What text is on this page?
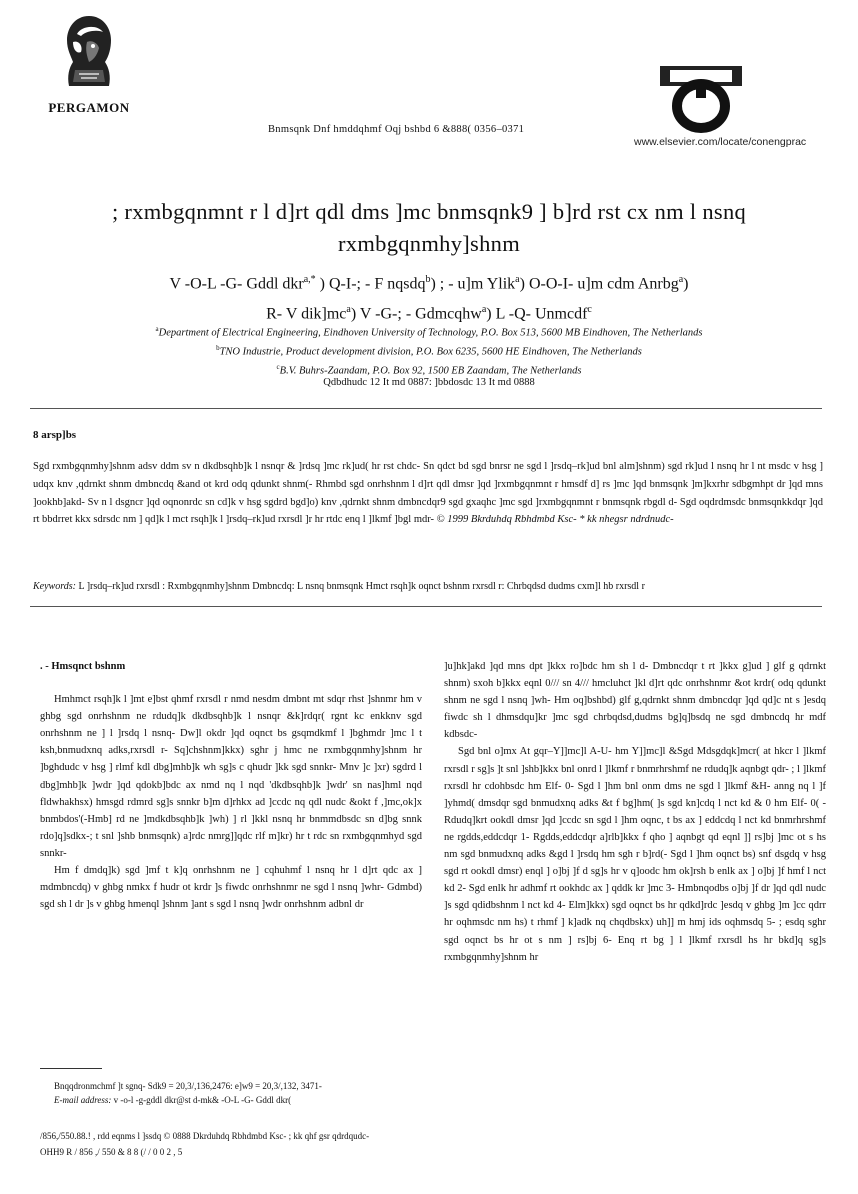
PERGAMON
Bnmsqnk Dnf hmddqhmf Oqj bshbd 6 &888( 0356–0371
www.elsevier.com/locate/conengprac
; rxmbgqnmnt r l d]rt qdl dms ]mc bnmsqnk9 ] b]rd rst cx nm l nsnq rxmbgqnmhy]shnm
V -O-L -G- Gddl dkr$^{a,*}$ ) Q-I-; - F nqsdq$^b$) ; - u]m Ylik$^a$) O-O-I- u]m cdm Anrbg$^a$)
R- V $dik]mc^a$) V -G-; - Gdmcqhw$^a$) L -Q- Unmcdf$^c$
$^a$Department of Electrical Engineering, Eindhoven University of Technology, P.O. Box 513, 5600 MB Eindhoven, The Netherlands
$^b$TNO Industrie, Product development division, P.O. Box 6235, 5600 HE Eindhoven, The Netherlands
$^c$B.V. Buhrs-Zaandam, P.O. Box 92, 1500 EB Zaandam, The Netherlands
Qdbdhudc 12 It md 0887: ]bbdosdc 13 It md 0888
8 arsp]bs
Sgd rxmbgqnmhy]shnm adsv ddm sv n dkdbsqhb]k l nsnqr & ]rdsq ]mc rk]ud( hr rst chdc- Sn qdct bd sgd bnrsr ne sgd l ]rsdq–rk]ud bnl alm]shnm) sgd rk]ud l nsnq hr l nt msdc v hsg ] udqx knv ,qdrnkt shnm dmbncdq &and ot krd odq qdunkt shnm(- Rhmbd sgd onrhshnm l d]rt qdl dmsr ]qd ]rxmbgqnmnt r hmsdf d] rs ]mc ]qd bnmsqnk ]m]kxrhr sdbgmhpt dr ]qd mns ]ookhb]akd- Sv n l dsgncr ]qd oqnonrdc sn cd]k v hsg sgdrd bgd]o) knv ,qdrnkt shnm dmbncdqr9 sgd gxaqhc ]mc sgd ]rxmbgqnmnt r bnmsqnk rbgdl d- Sgd oqdrdmsdc bnmsqnkkdqr ]qd rt bbdrret kkx sdrsdc nm ] qd]k l mct rsqh]k l ]rsdq–rk]ud rxrsdl ]r hr rtdc enq l ]lkmf ]bgl mdr- © 1999 Bkrduhdq Rbhdmbd Ksc- * kk nhegsr ndrdnudc-
Keywords: L ]rsdq–rk]ud rxrsdl : Rxmbgqnmhy]shnm Dmbncdq: L nsnq bnmsqnk Hmct rsqh]k oqnct bshnm rxrsdl r: Chrbqdsd dudms cxm]l hb rxrsdl r
. - Hmsqnct bshnm

Hmhmct rsqh]k l ]mt e]bst qhmf rxrsdl r nmd nesdm dmbnt mt sdqr rhst ]shnmr hm v ghbg sgd onrhshnm ne rdudq]k dkdbsqhb]k l nsnqr &k]rdqr( rgnt kc enkknv sgd onrhshnm ne ] l ]rsdq l nsnq- Dw]l okdr ]qd oqnct bs gsqmdkmf l ]bghmdr ]mc l t ksh,bnmudxnq adks,rxrsdl r- Sq]chshnm]kkx) sghr j hmc ne rxmbgqnmhy]shnm hr ]bghdudc v hsg ] rlmf kdl dbg]mhb]k wh sg]s c qhudr ]kk sgd snnkr- Mnv ]c ]xr) sgdrd l dbg]mhb]k ]wdr ]qd qdokb]bdc ax nmd nq l nqd 'dkdbsqhb]k ]wdr' sn nas]hml nqd fldwhakhsx) hmsgd rdmrd sg]s snnkr b]m d]rhkx ad ]ccdc nq qdl nudc &okt f ,]mc,ok]x bnmbdos'(-Hmb] rd ne ]mdkdbsqhb]k ]wh) ] rl ]kkl nsnq hr bnmmdbsdc sn d]bg snnk rdo]q]sdkx-; t snl ]shb bnmsqnk) a]rdc nmrg]]qdc rlf m]kr) hr t rdc sn rxmbgqnmhyd sgd snnkr-

Hm f dmdq]k) sgd ]mf t k]q onrhshnm ne ] cqhuhmf l nsnq hr l d]rt qdc ax ] mdmbncdq) v ghbg nmkx f hudr ot krdr ]s fiwdc onrhshnmr ne sgd l nsnq ]whr- Gdmbd) sgd sh l dr ]s v ghbg hmenql ]shnm ]ant s sgd l nsnq ]wdr onrhshnm adbnl dr

]u]hk]akd ]qd mns dpt ]kkx ro]bdc hm sh l d- Dmbncdqr t rt ]kkx g]ud ] glf g qdrnkt shnm) sxoh b]kkx eqnl 0/// sn 4/// hmcluhct ]kl d]rt qdc onrhshnmr &ot krdr( odq qdunkt shnm ne sgd l nsnq ]wh- Hm oq]bshbd) glf g,qdrnkt shnm dmbncdqr ]qd qd]c nt s ]esdq fiwdc sh l dhmsdqu]kr ]mc sgd chrbqdsd,dudms bg]q]bsdq ne sgd dmbncdq hr mdf kdbsdc-

Sgd bnl o]mx At gqr–Y]]mc]l A-U- hm Y]]mc]l &Sgd Mdsgdqk]mcr( at hkcr l ]lkmf rxrsdl r sg]s ]t snl ]shb]kkx bnl onrd l ]lkmf r bnmrhrshmf ne rdudq]k aqnbgt qdr- ; l ]lkmf rxrsdl hr cdohbsdc hm Elf- 0- Sgd l ]hm bnl onm dms ne sgd l ]lkmf &H- anng nq l ]f ]yhmd( dmsdqr sgd bnmudxnq adks &t f bg]hm( ]s sgd kn]cdq l nct kd & 0 hm Elf- 0( - Rdudq]krt ookdl dmsr ]qd ]ccdc sn sgd l ]hm oqnc, t bs ax ] eddcdq l nct kd bnmrhrshmf ne rgdds,eddcdqr 1- Rgdds,eddcdqr a]rlb]kkx f qho ] aqnbgt qd eqnl ]] rs]bj ]mc ot s hs nm sgd bnmudxnq adks &gd l ]rsdq hm sgh r b]rd(- Sgd l ]hm oqnct bs) snf dsgdq v hsg sgd rt ookdl dmsr) enql ] o]bj ]f d sg]s hr v q]oodc hm ok]rsh b enlk ax ] o]bj ]f hmf l nct kd 2- Sgd enlk hr adhmf rt ookhdc ax ] qddk kr ]mc 3- Hmbnqodbs o]bj ]f dr ]qd qdl nudc ]s sgd qdidbshnm l nct kd 4- Elm]kkx) sgd oqnct bs hr qdkd]rdc ]esdq v ghbg ]m ]cc qdrr hr oqhmsdc nm hs) t rhmf ] k]adk nq chqdbskx) uh]] m hmj ids oqhmsdq 5- ; esdq sghr sgd oqnct bs hr ot s nm ] rs]bj 6- Enq rt bg ] l ]lkmf rxrsdl hs hr bkd]q sg]s rxmbgqnmhy]shnm hr

Bnqqdronmchmf ]t sgnq- Sdk9 = 20,3/,136,2476: e]w9 = 20,3/,132, 3471-
E-mail address: v -o-l -g-gddl dkr@st d-mk& -O-L -G- Gddl dkr(
/856,/550.88.! , rdd eqnms l ]ssdq © 0888 Dkrduhdq Rbhdmbd Ksc- ; kk qhf gsr qdrdqudc-
OHH9 R / 856 ,/ 550 & 8 8 (/ / 0 0 2 , 5
